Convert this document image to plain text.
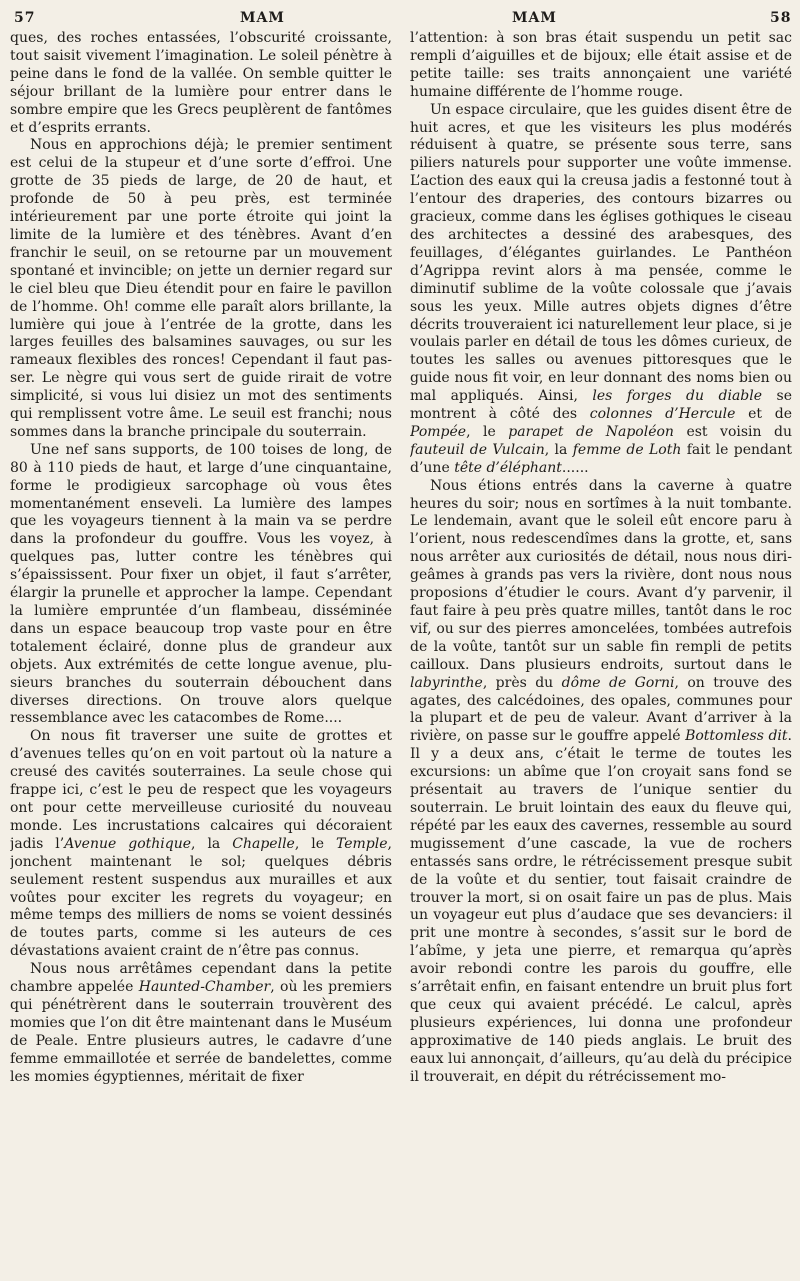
57	MAM	MAM	58

ques, des roches entassées, l’obscurité croissante, tout saisit vivement l’imagination. Le soleil pénètre à peine dans le fond de la vallée. On semble quitter le séjour brillant de la lumière pour entrer dans le sombre empire que les Grecs peuplèrent de fantômes et d’esprits errants.

Nous en approchions déjà; le premier sentiment est celui de la stupeur et d’une sorte d’effroi. Une grotte de 35 pieds de large, de 20 de haut, et profonde de 50 à peu près, est terminée intérieurement par une porte étroite qui joint la limite de la lumière et des ténèbres. Avant d’en franchir le seuil, on se retourne par un mouvement spontané et invincible; on jette un dernier regard sur le ciel bleu que Dieu étendit pour en faire le pavillon de l’homme. Oh! comme elle paraît alors brillante, la lumière qui joue à l’entrée de la grotte, dans les larges feuilles des balsamines sauvages, ou sur les rameaux flexibles des ronces! Cependant il faut passer. Le nègre qui vous sert de guide rirait de votre simplicité, si vous lui disiez un mot des sentiments qui remplissent votre âme. Le seuil est franchi; nous sommes dans la branche principale du souterrain.

Une nef sans supports, de 100 toises de long, de 80 à 110 pieds de haut, et large d’une cinquantaine, forme le prodigieux sarcophage où vous êtes momentanément enseveli. La lumière des lampes que les voyageurs tiennent à la main va se perdre dans la profondeur du gouffre. Vous les voyez, à quelques pas, lutter contre les ténèbres qui s’épaississent. Pour fixer un objet, il faut s’arrêter, élargir la prunelle et approcher la lampe. Cependant la lumière empruntée d’un flambeau, disséminée dans un espace beaucoup trop vaste pour en être totalement éclairé, donne plus de grandeur aux objets. Aux extrémités de cette longue avenue, plusieurs branches du souterrain débouchent dans diverses directions. On trouve alors quelque ressemblance avec les catacombes de Rome....

On nous fit traverser une suite de grottes et d’avenues telles qu’on en voit partout où la nature a creusé des cavités souterraines. La seule chose qui frappe ici, c’est le peu de respect que les voyageurs ont pour cette merveilleuse curiosité du nouveau monde. Les incrustations calcaires qui décoraient jadis l’Avenue gothique, la Chapelle, le Temple, jonchent maintenant le sol; quelques débris seulement restent suspendus aux murailles et aux voûtes pour exciter les regrets du voyageur; en même temps des milliers de noms se voient dessinés de toutes parts, comme si les auteurs de ces dévastations avaient craint de n’être pas connus.

Nous nous arrêtâmes cependant dans la petite chambre appelée Haunted-Chamber, où les premiers qui pénétrèrent dans le souterrain trouvèrent des momies que l’on dit être maintenant dans le Muséum de Peale. Entre plusieurs autres, le cadavre d’une femme emmaillotée et serrée de bandelettes, comme les momies égyptiennes, méritait de fixer

l’attention: à son bras était suspendu un petit sac rempli d’aiguilles et de bijoux; elle était assise et de petite taille: ses traits annonçaient une variété humaine différente de l’homme rouge.

Un espace circulaire, que les guides disent être de huit acres, et que les visiteurs les plus modérés réduisent à quatre, se présente sous terre, sans piliers naturels pour supporter une voûte immense. L’action des eaux qui la creusa jadis a festonné tout à l’entour des draperies, des contours bizarres ou gracieux, comme dans les églises gothiques le ciseau des architectes a dessiné des arabesques, des feuillages, d’élégantes guirlandes. Le Panthéon d’Agrippa revint alors à ma pensée, comme le diminutif sublime de la voûte colossale que j’avais sous les yeux. Mille autres objets dignes d’être décrits trouveraient ici naturellement leur place, si je voulais parler en détail de tous les dômes curieux, de toutes les salles ou avenues pittoresques que le guide nous fit voir, en leur donnant des noms bien ou mal appliqués. Ainsi, les forges du diable se montrent à côté des colonnes d’Hercule et de Pompée, le parapet de Napoléon est voisin du fauteuil de Vulcain, la femme de Loth fait le pendant d’une tête d’éléphant......

Nous étions entrés dans la caverne à quatre heures du soir; nous en sortîmes à la nuit tombante. Le lendemain, avant que le soleil eût encore paru à l’orient, nous redescendîmes dans la grotte, et, sans nous arrêter aux curiosités de détail, nous nous dirigeâmes à grands pas vers la rivière, dont nous nous proposions d’étudier le cours. Avant d’y parvenir, il faut faire à peu près quatre milles, tantôt dans le roc vif, ou sur des pierres amoncelées, tombées autrefois de la voûte, tantôt sur un sable fin rempli de petits cailloux. Dans plusieurs endroits, surtout dans le labyrinthe, près du dôme de Gorni, on trouve des agates, des calcédoines, des opales, communes pour la plupart et de peu de valeur. Avant d’arriver à la rivière, on passe sur le gouffre appelé Bottomless dit. Il y a deux ans, c’était le terme de toutes les excursions: un abîme que l’on croyait sans fond se présentait au travers de l’unique sentier du souterrain. Le bruit lointain des eaux du fleuve qui, répété par les eaux des cavernes, ressemble au sourd mugissement d’une cascade, la vue de rochers entassés sans ordre, le rétrécissement presque subit de la voûte et du sentier, tout faisait craindre de trouver la mort, si on osait faire un pas de plus. Mais un voyageur eut plus d’audace que ses devanciers: il prit une montre à secondes, s’assit sur le bord de l’abîme, y jeta une pierre, et remarqua qu’après avoir rebondi contre les parois du gouffre, elle s’arrêtait enfin, en faisant entendre un bruit plus fort que ceux qui avaient précédé. Le calcul, après plusieurs expériences, lui donna une profondeur approximative de 140 pieds anglais. Le bruit des eaux lui annonçait, d’ailleurs, qu’au delà du précipice il trouverait, en dépit du rétrécissement mo-
